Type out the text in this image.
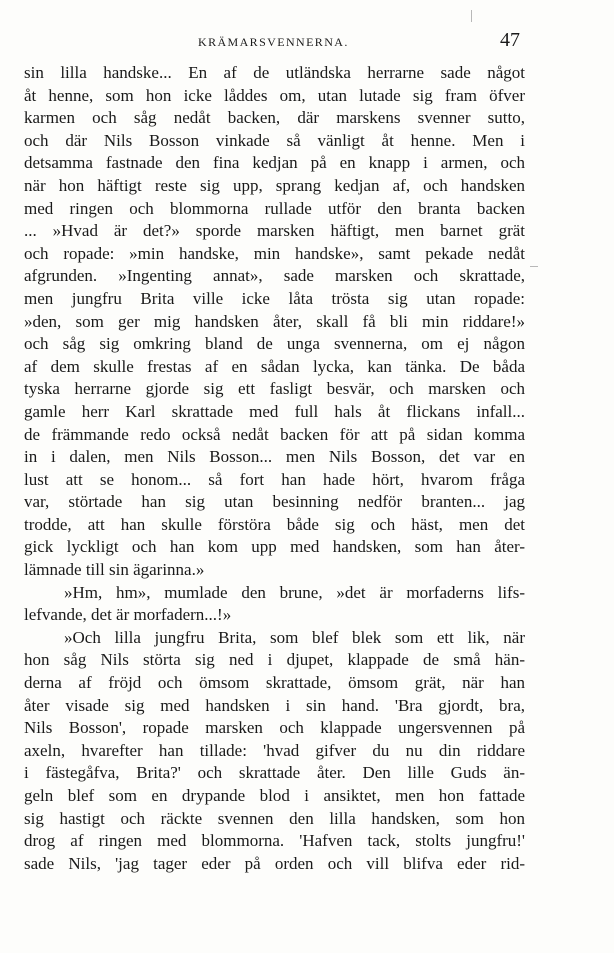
KRÄMARSVENNERNA.	47
sin lilla handske... En af de utländska herrarne sade något
åt henne, som hon icke låddes om, utan lutade sig fram öfver
karmen och såg nedåt backen, där marskens svenner sutto,
och där Nils Bosson vinkade så vänligt åt henne. Men i
detsamma fastnade den fina kedjan på en knapp i armen, och
när hon häftigt reste sig upp, sprang kedjan af, och handsken
med ringen och blommorna rullade utför den branta backen
... »Hvad är det?» sporde marsken häftigt, men barnet grät
och ropade: »min handske, min handske», samt pekade nedåt
afgrunden. »Ingenting annat», sade marsken och skrattade,
men jungfru Brita ville icke låta trösta sig utan ropade:
»den, som ger mig handsken åter, skall få bli min riddare!»
och såg sig omkring bland de unga svennerna, om ej någon
af dem skulle frestas af en sådan lycka, kan tänka. De båda
tyska herrarne gjorde sig ett fasligt besvär, och marsken och
gamle herr Karl skrattade med full hals åt flickans infall...
de främmande redo också nedåt backen för att på sidan komma
in i dalen, men Nils Bosson... men Nils Bosson, det var en
lust att se honom... så fort han hade hört, hvarom fråga
var, störtade han sig utan besinning nedför branten... jag
trodde, att han skulle förstöra både sig och häst, men det
gick lyckligt och han kom upp med handsken, som han åter-
lämnade till sin ägarinna.»
»Hm, hm», mumlade den brune, »det är morfaderns lifs-
lefvande, det är morfadern...!»
»Och lilla jungfru Brita, som blef blek som ett lik, när
hon såg Nils störta sig ned i djupet, klappade de små hän-
derna af fröjd och ömsom skrattade, ömsom grät, när han
åter visade sig med handsken i sin hand. 'Bra gjordt, bra,
Nils Bosson', ropade marsken och klappade ungersvennen på
axeln, hvarefter han tillade: 'hvad gifver du nu din riddare
i fästegåfva, Brita?' och skrattade åter. Den lille Guds än-
geln blef som en drypande blod i ansiktet, men hon fattade
sig hastigt och räckte svennen den lilla handsken, som hon
drog af ringen med blommorna. 'Hafven tack, stolts jungfru!'
sade Nils, 'jag tager eder på orden och vill blifva eder rid-
